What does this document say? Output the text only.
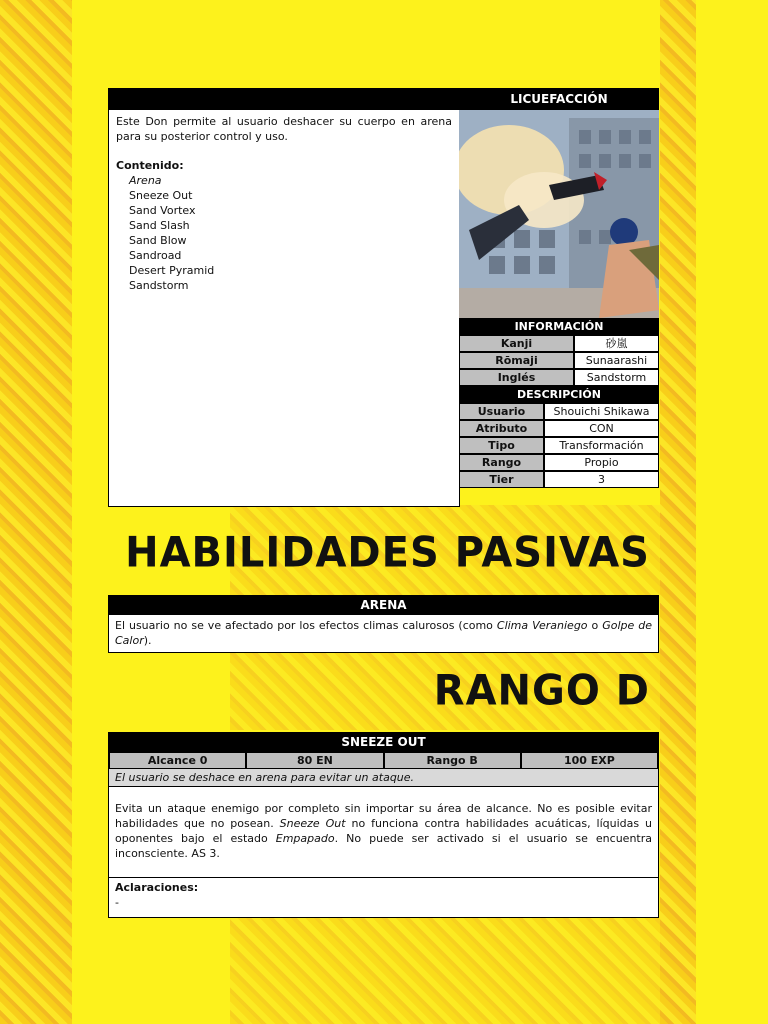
LICUEFACCIÓN
Este Don permite al usuario deshacer su cuerpo en arena para su posterior control y uso.
Contenido:
Arena
Sneeze Out
Sand Vortex
Sand Slash
Sand Blow
Sandroad
Desert Pyramid
Sandstorm
INFORMACIÓN
Kanji	砂嵐
Rōmaji	Sunaarashi
Inglés	Sandstorm
DESCRIPCIÓN
Usuario	Shouichi Shikawa
Atributo	CON
Tipo	Transformación
Rango	Propio
Tier	3
HABILIDADES PASIVAS
ARENA
El usuario no se ve afectado por los efectos climas calurosos (como Clima Veraniego o Golpe de Calor).
RANGO D
SNEEZE OUT
Alcance 0	80 EN	Rango B	100 EXP
El usuario se deshace en arena para evitar un ataque.
Evita un ataque enemigo por completo sin importar su área de alcance. No es posible evitar habilidades que no posean. Sneeze Out no funciona contra habilidades acuáticas, líquidas u oponentes bajo el estado Empapado. No puede ser activado si el usuario se encuentra inconsciente. AS 3.
Aclaraciones:
-
